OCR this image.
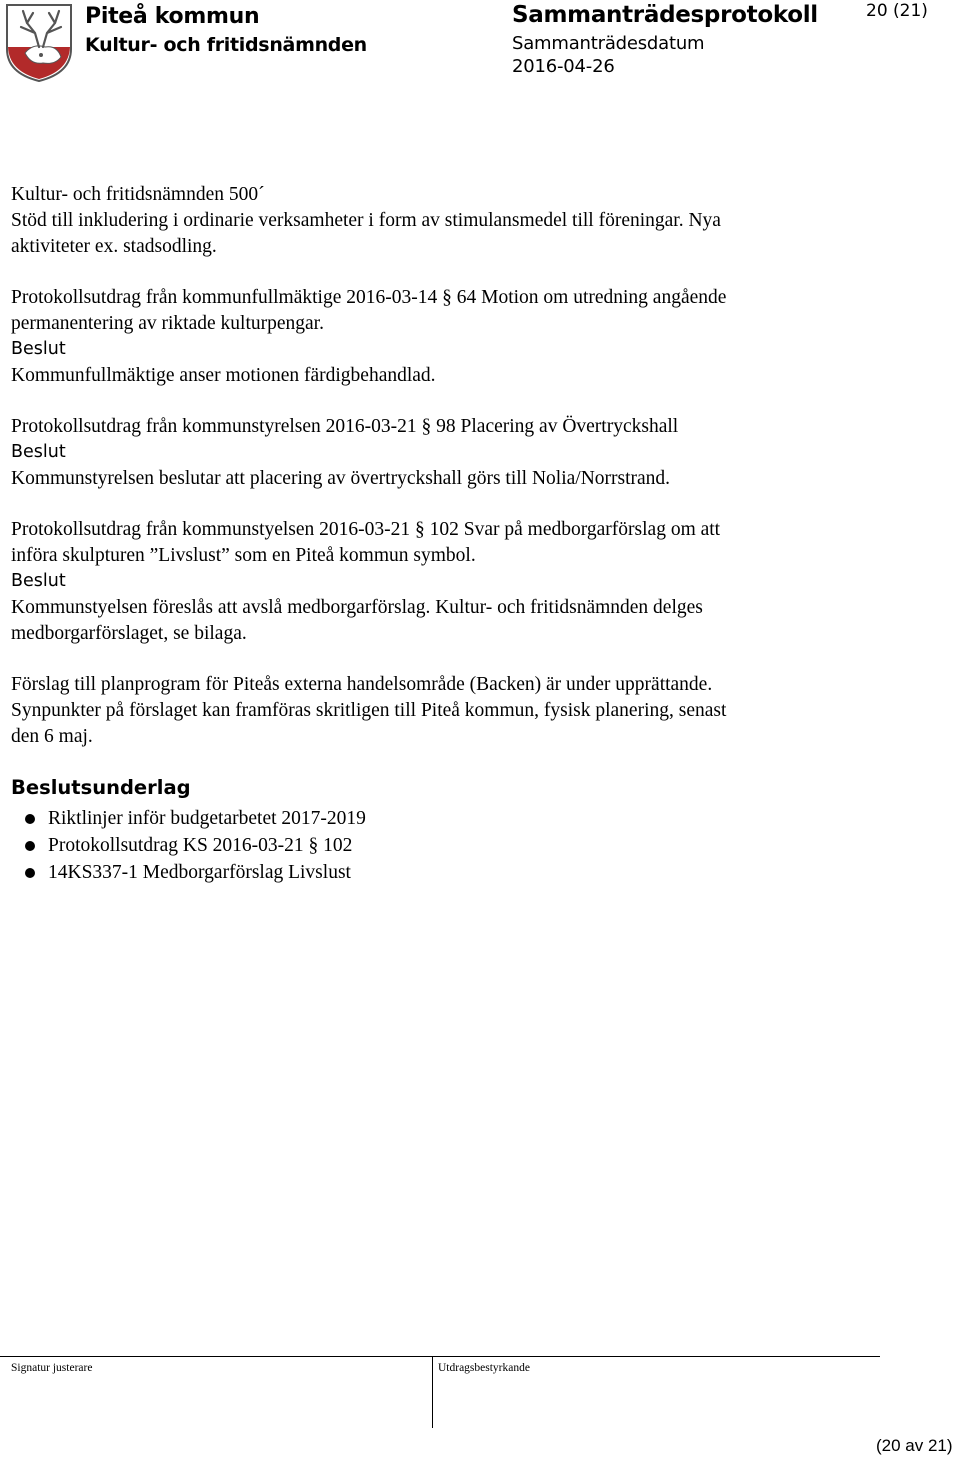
Piteå kommun
Kultur- och fritidsnämnden
Sammanträdesprotokoll
Sammanträdesdatum
2016-04-26
20 (21)

Kultur- och fritidsnämnden 500´

Stöd till inkludering i ordinarie verksamheter i form av stimulansmedel till föreningar. Nya

aktiviteter ex. stadsodling.

Protokollsutdrag från kommunfullmäktige 2016-03-14 § 64 Motion om utredning angående

permanentering av riktade kulturpengar.

Beslut

Kommunfullmäktige anser motionen färdigbehandlad.

Protokollsutdrag från kommunstyrelsen 2016-03-21 § 98 Placering av Övertryckshall

Beslut

Kommunstyrelsen beslutar att placering av övertryckshall görs till Nolia/Norrstrand.

Protokollsutdrag från kommunstyelsen 2016-03-21 § 102 Svar på medborgarförslag om att

införa skulpturen ”Livslust” som en Piteå kommun symbol.

Beslut

Kommunstyelsen föreslås att avslå medborgarförslag. Kultur- och fritidsnämnden delges

medborgarförslaget, se bilaga.

Förslag till planprogram för Piteås externa handelsområde (Backen) är under upprättande.

Synpunkter på förslaget kan framföras skritligen till Piteå kommun, fysisk planering, senast

den 6 maj.

Beslutsunderlag

Riktlinjer inför budgetarbetet 2017-2019
Protokollsutdrag KS 2016-03-21 § 102
14KS337-1 Medborgarförslag Livslust
Signatur justerare	Utdragsbestyrkande
(20 av 21)
